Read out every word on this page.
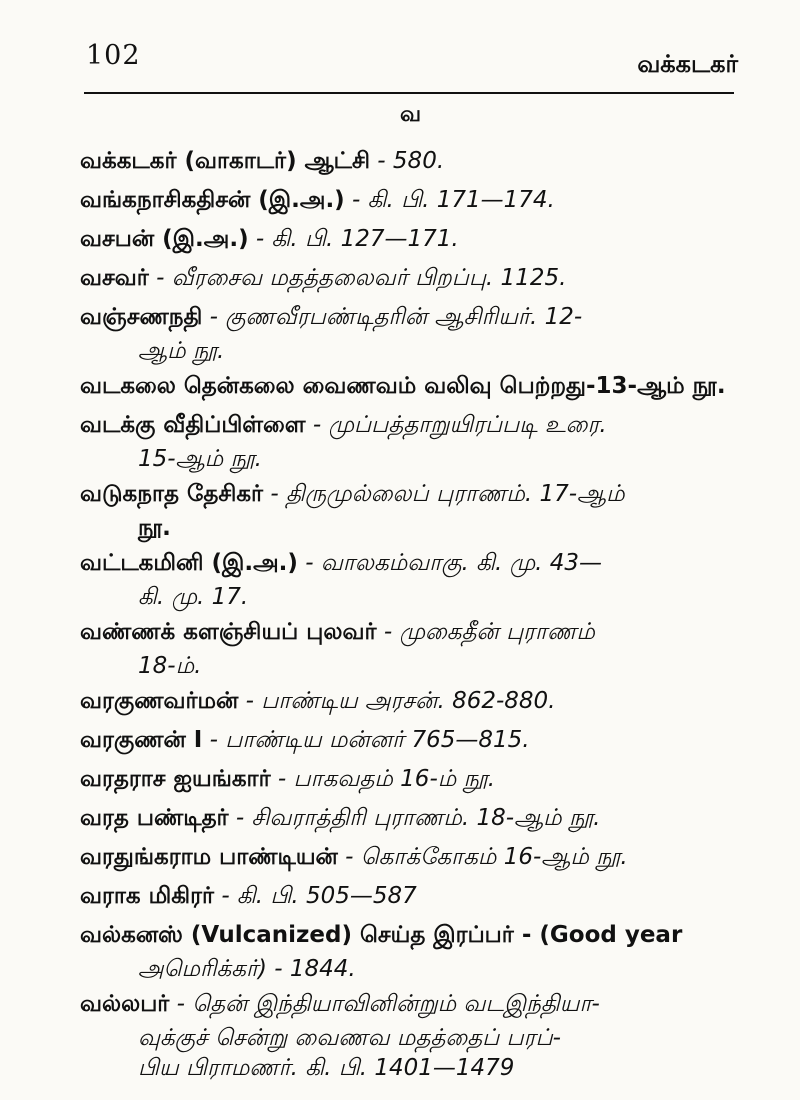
102	வக்கடகர்
வ
வக்கடகர் (வாகாடர்) ஆட்சி - 580.
வங்கநாசிகதிசன் (இ.அ.) - கி. பி. 171—174.
வசபன் (இ.அ.) - கி. பி. 127—171.
வசவர் - வீரசைவ மதத்தலைவர் பிறப்பு. 1125.
வஞ்சணநதி - குணவீரபண்டிதரின் ஆசிரியர். 12-
ஆம் நூ.
வடகலை தென்கலை வைணவம் வலிவு பெற்றது-13-ஆம் நூ.
வடக்கு வீதிப்பிள்ளை - முப்பத்தாறுயிரப்படி உரை.
15-ஆம் நூ.
வடுகநாத தேசிகர் - திருமுல்லைப் புராணம். 17-ஆம்
நூ.
வட்டகமினி (இ.அ.) - வாலகம்வாகு. கி. மு. 43—
கி. மு. 17.
வண்ணக் களஞ்சியப் புலவர் - முகைதீன் புராணம்
18-ம்.
வரகுணவர்மன் - பாண்டிய அரசன். 862-880.
வரகுணன் I - பாண்டிய மன்னர் 765—815.
வரதராச ஐயங்கார் - பாகவதம் 16-ம் நூ.
வரத பண்டிதர் - சிவராத்திரி புராணம். 18-ஆம் நூ.
வரதுங்கராம பாண்டியன் - கொக்கோகம் 16-ஆம் நூ.
வராக மிகிரர் - கி. பி. 505—587
வல்கனஸ் (Vulcanized) செய்த இரப்பர் - (Good year
அமெரிக்கர்) - 1844.
வல்லபர் - தென் இந்தியாவினின்றும் வடஇந்தியா-
வுக்குச் சென்று வைணவ மதத்தைப் பரப்-
பிய பிராமணர். கி. பி. 1401—1479
